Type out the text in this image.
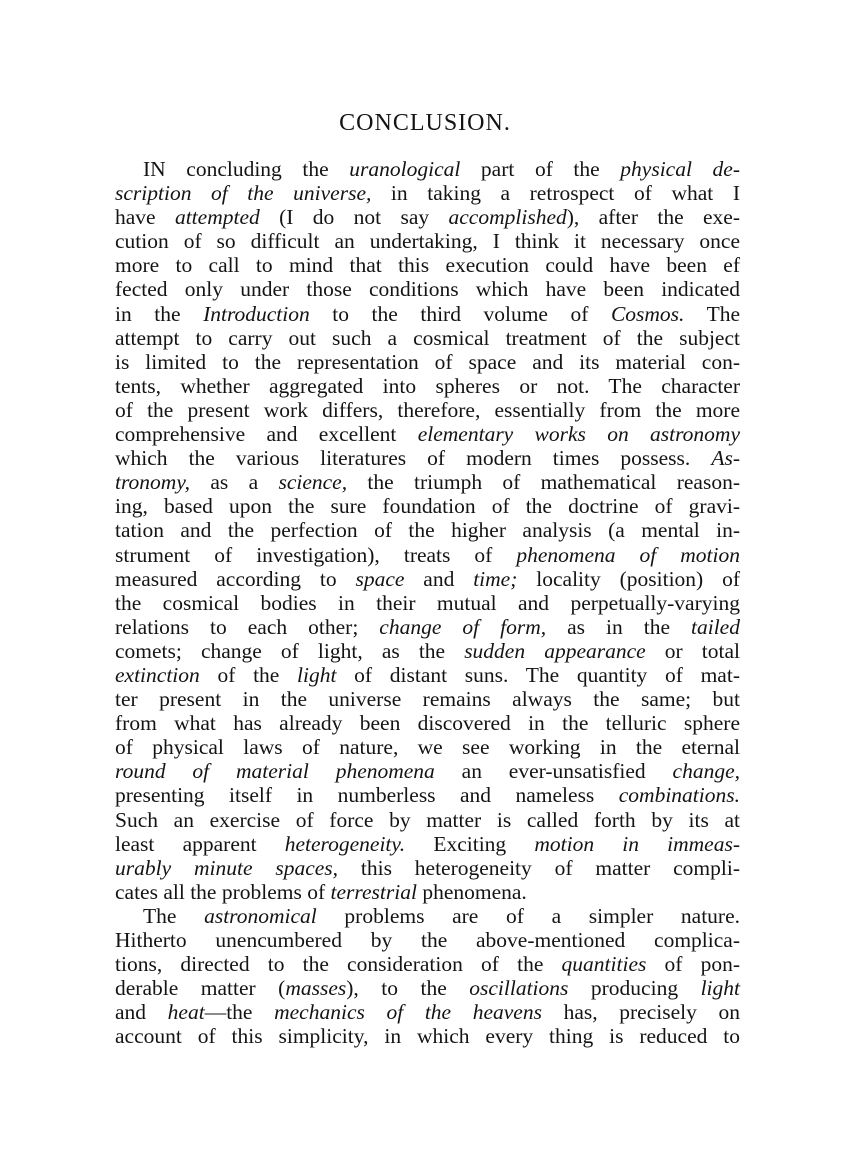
CONCLUSION.
IN concluding the uranological part of the physical de-
scription of the universe, in taking a retrospect of what I
have attempted (I do not say accomplished), after the exe-
cution of so difficult an undertaking, I think it necessary once
more to call to mind that this execution could have been ef
fected only under those conditions which have been indicated
in the Introduction to the third volume of Cosmos. The
attempt to carry out such a cosmical treatment of the subject
is limited to the representation of space and its material con-
tents, whether aggregated into spheres or not. The character
of the present work differs, therefore, essentially from the more
comprehensive and excellent elementary works on astronomy
which the various literatures of modern times possess. As-
tronomy, as a science, the triumph of mathematical reason-
ing, based upon the sure foundation of the doctrine of gravi-
tation and the perfection of the higher analysis (a mental in-
strument of investigation), treats of phenomena of motion
measured according to space and time; locality (position) of
the cosmical bodies in their mutual and perpetually-varying
relations to each other; change of form, as in the tailed
comets; change of light, as the sudden appearance or total
extinction of the light of distant suns. The quantity of mat-
ter present in the universe remains always the same; but
from what has already been discovered in the telluric sphere
of physical laws of nature, we see working in the eternal
round of material phenomena an ever-unsatisfied change,
presenting itself in numberless and nameless combinations.
Such an exercise of force by matter is called forth by its at
least apparent heterogeneity. Exciting motion in immeas-
urably minute spaces, this heterogeneity of matter compli-
cates all the problems of terrestrial phenomena.
The astronomical problems are of a simpler nature.
Hitherto unencumbered by the above-mentioned complica-
tions, directed to the consideration of the quantities of pon-
derable matter (masses), to the oscillations producing light
and heat—the mechanics of the heavens has, precisely on
account of this simplicity, in which every thing is reduced to
